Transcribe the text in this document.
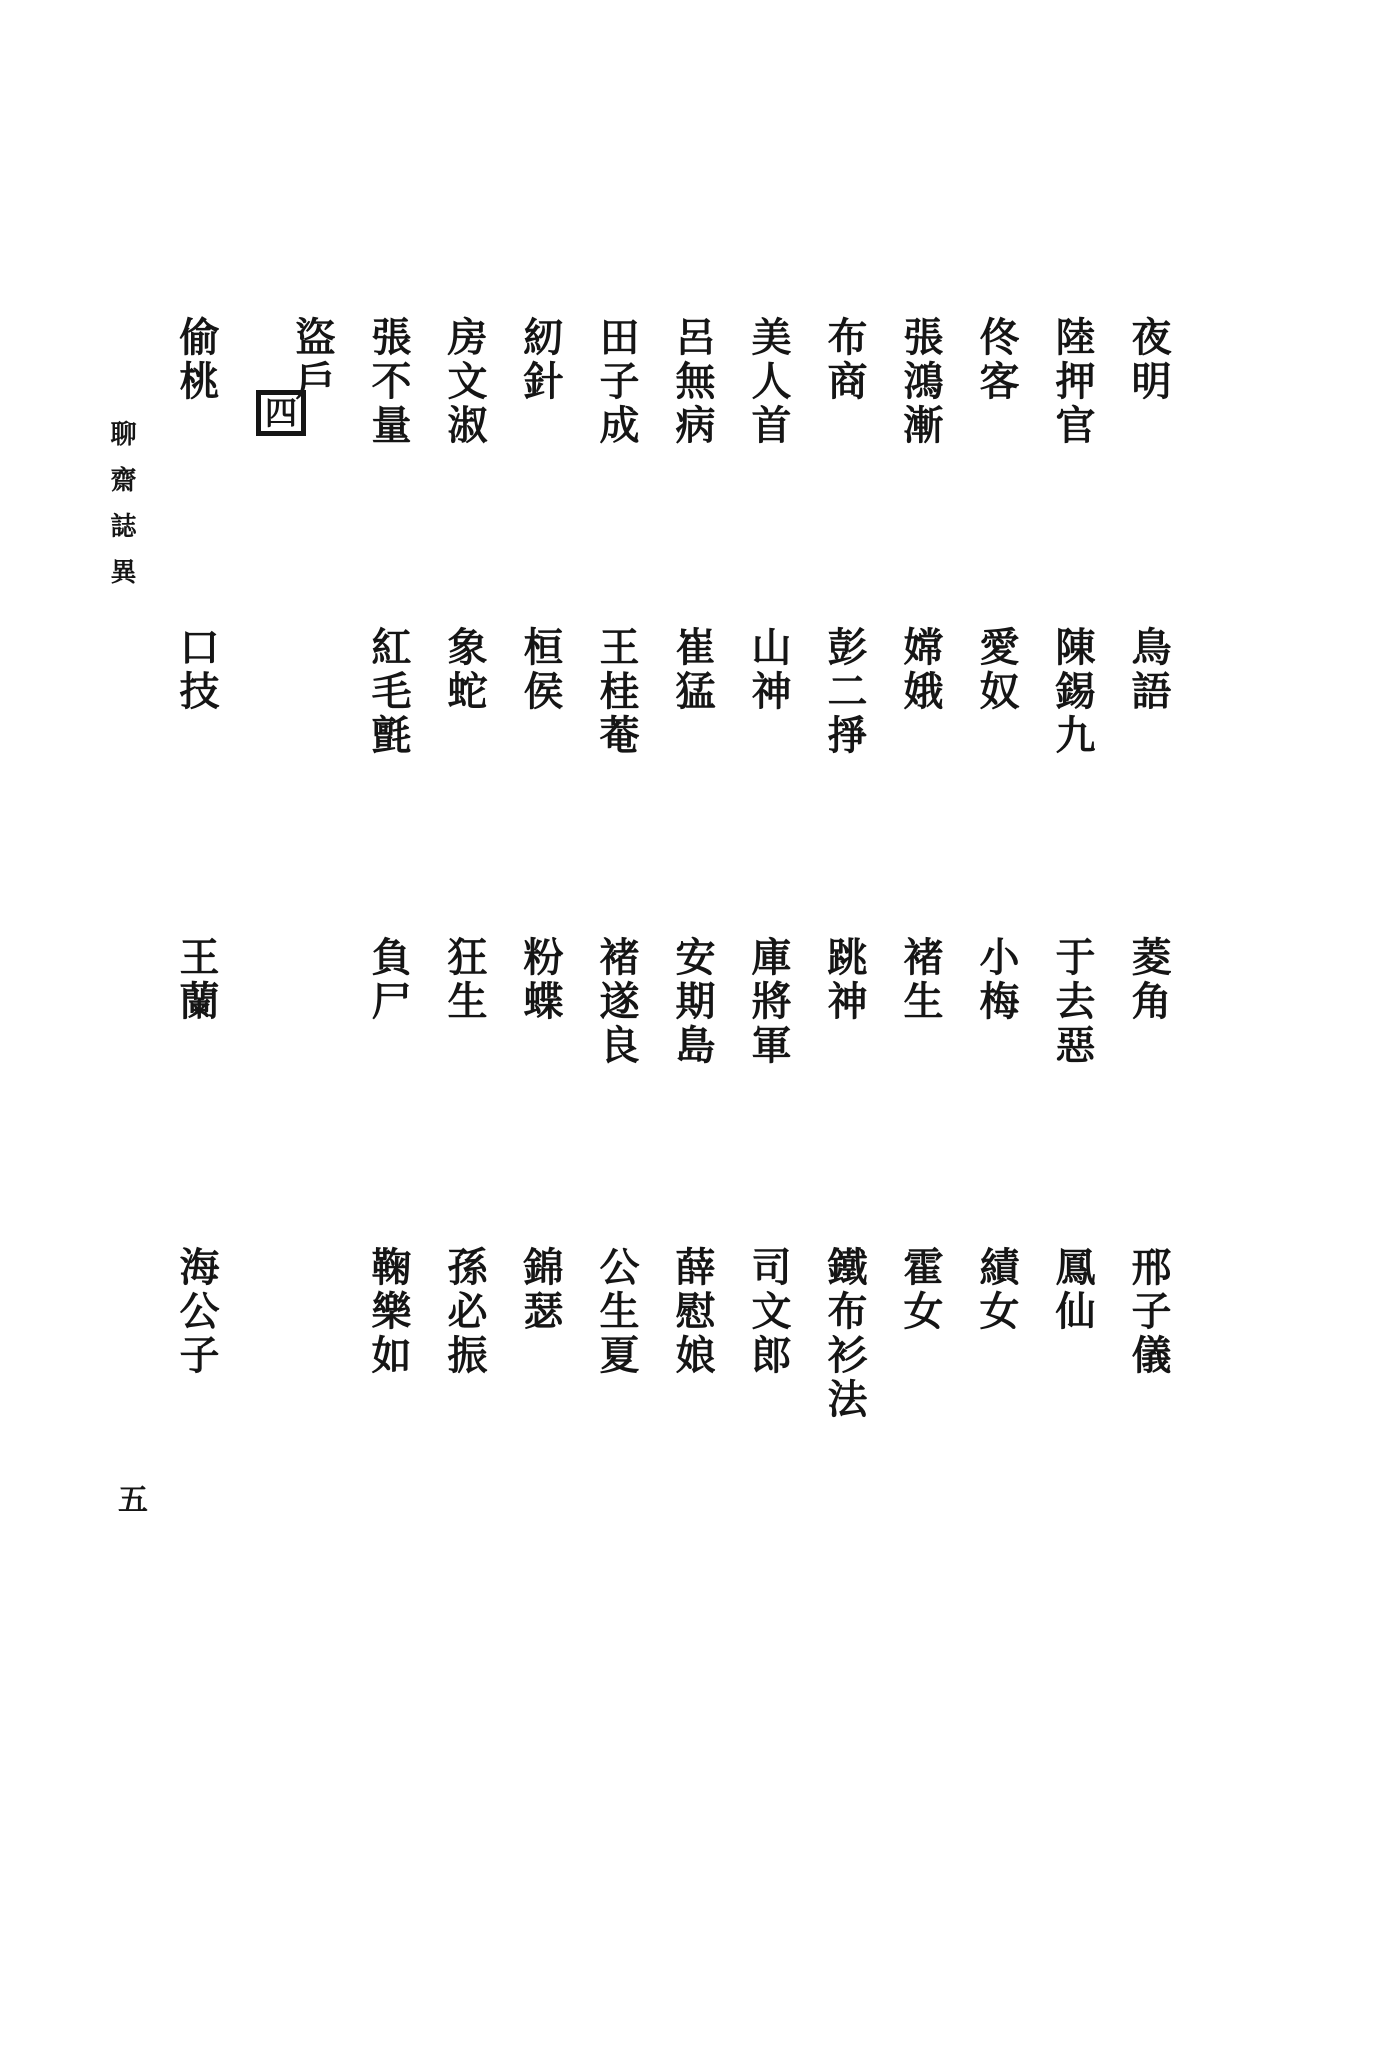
聊齋誌異
四
五
夜明
鳥語
菱角
邢子儀
陸押官
陳錫九
于去惡
鳳仙
佟客
愛奴
小梅
績女
張鴻漸
嫦娥
褚生
霍女
布商
彭二掙
跳神
鐵布衫法
美人首
山神
庫將軍
司文郎
呂無病
崔猛
安期島
薛慰娘
田子成
王桂菴
褚遂良
公生夏
紉針
桓侯
粉蝶
錦瑟
房文淑
象蛇
狂生
孫必振
張不量
紅毛氈
負尸
鞠樂如
盜戶
偷桃
口技
王蘭
海公子
